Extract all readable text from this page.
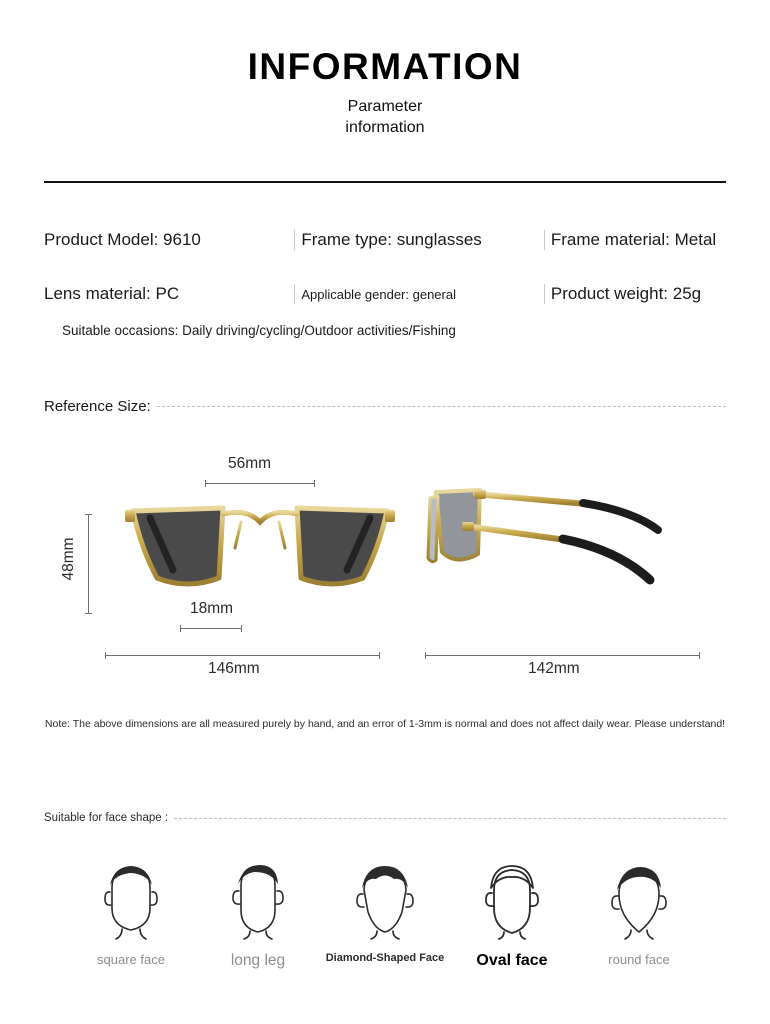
INFORMATION
Parameter
information
Product Model: 9610	Frame type: sunglasses	Frame material: Metal
Lens material: PC	Applicable gender: general	Product weight: 25g
Suitable occasions: Daily driving/cycling/Outdoor activities/Fishing
Reference Size:
56mm
48mm
18mm
146mm	142mm
Note: The above dimensions are all measured purely by hand, and an error of 1-3mm is normal and does not affect daily wear. Please understand!
Suitable for face shape :
square face	long leg	Diamond-Shaped Face	Oval face	round face
